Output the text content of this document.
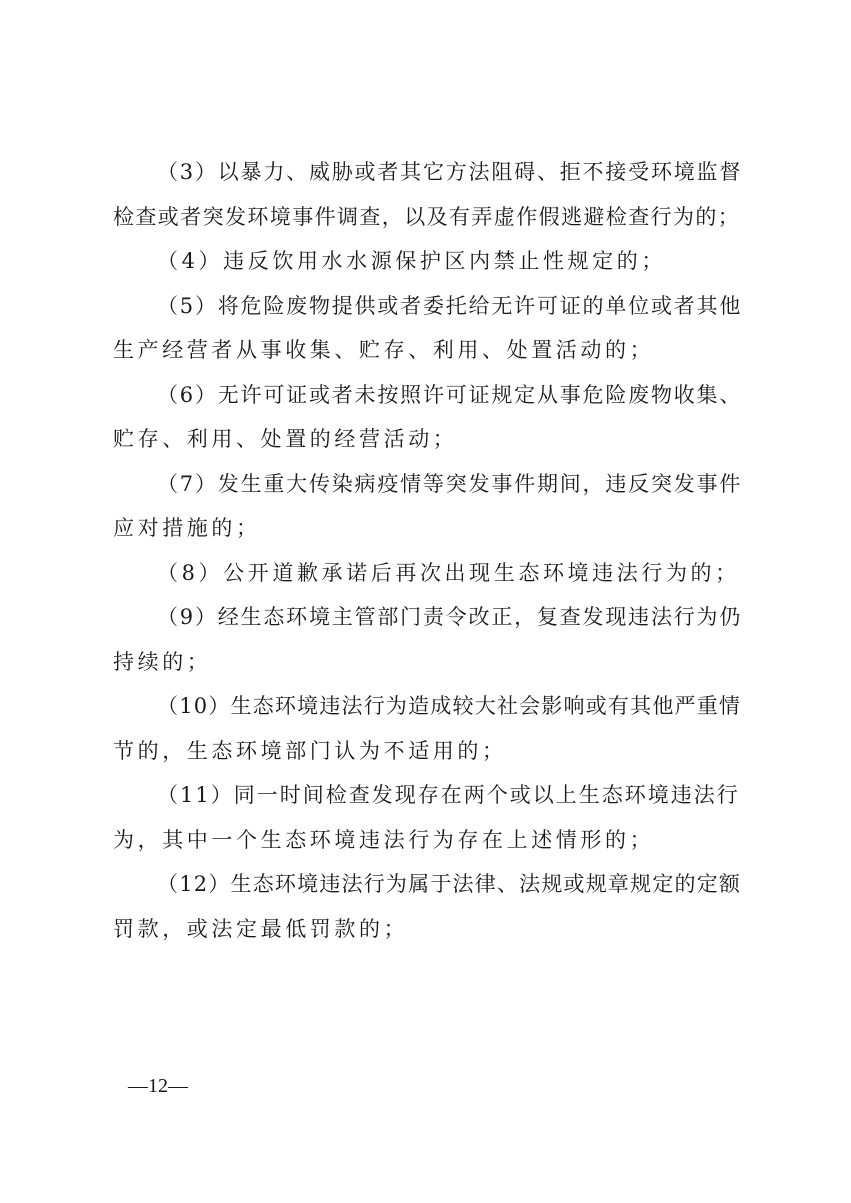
（3）以暴力、威胁或者其它方法阻碍、拒不接受环境监督
检查或者突发环境事件调查，以及有弄虚作假逃避检查行为的；

（4）违反饮用水水源保护区内禁止性规定的；

（5）将危险废物提供或者委托给无许可证的单位或者其他
生产经营者从事收集、贮存、利用、处置活动的；

（6）无许可证或者未按照许可证规定从事危险废物收集、
贮存、利用、处置的经营活动；

（7）发生重大传染病疫情等突发事件期间，违反突发事件
应对措施的；

（8）公开道歉承诺后再次出现生态环境违法行为的；

（9）经生态环境主管部门责令改正，复查发现违法行为仍
持续的；

（10）生态环境违法行为造成较大社会影响或有其他严重情
节的，生态环境部门认为不适用的；

（11）同一时间检查发现存在两个或以上生态环境违法行
为，其中一个生态环境违法行为存在上述情形的；

（12）生态环境违法行为属于法律、法规或规章规定的定额
罚款，或法定最低罚款的；

—12—
